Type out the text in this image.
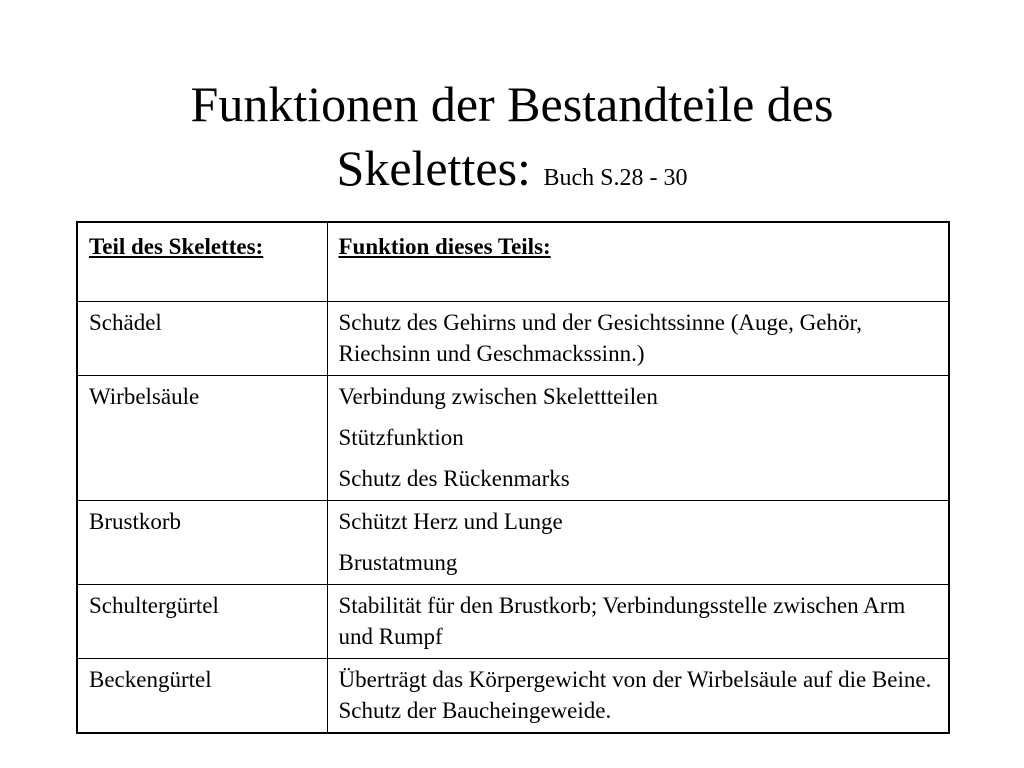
Funktionen der Bestandteile des
Skelettes: Buch S.28 - 30
Teil des Skelettes:	Funktion dieses Teils:
Schädel	Schutz des Gehirns und der Gesichtssinne (Auge, Gehör, Riechsinn und Geschmackssinn.)

Wirbelsäule	Verbindung zwischen Skelettteilen
Stützfunktion
Schutz des Rückenmarks

Brustkorb	Schützt Herz und Lunge
Brustatmung

Schultergürtel	Stabilität für den Brustkorb; Verbindungsstelle zwischen Arm und Rumpf

Beckengürtel	Überträgt das Körpergewicht von der Wirbelsäule auf die Beine. Schutz der Baucheingeweide.
